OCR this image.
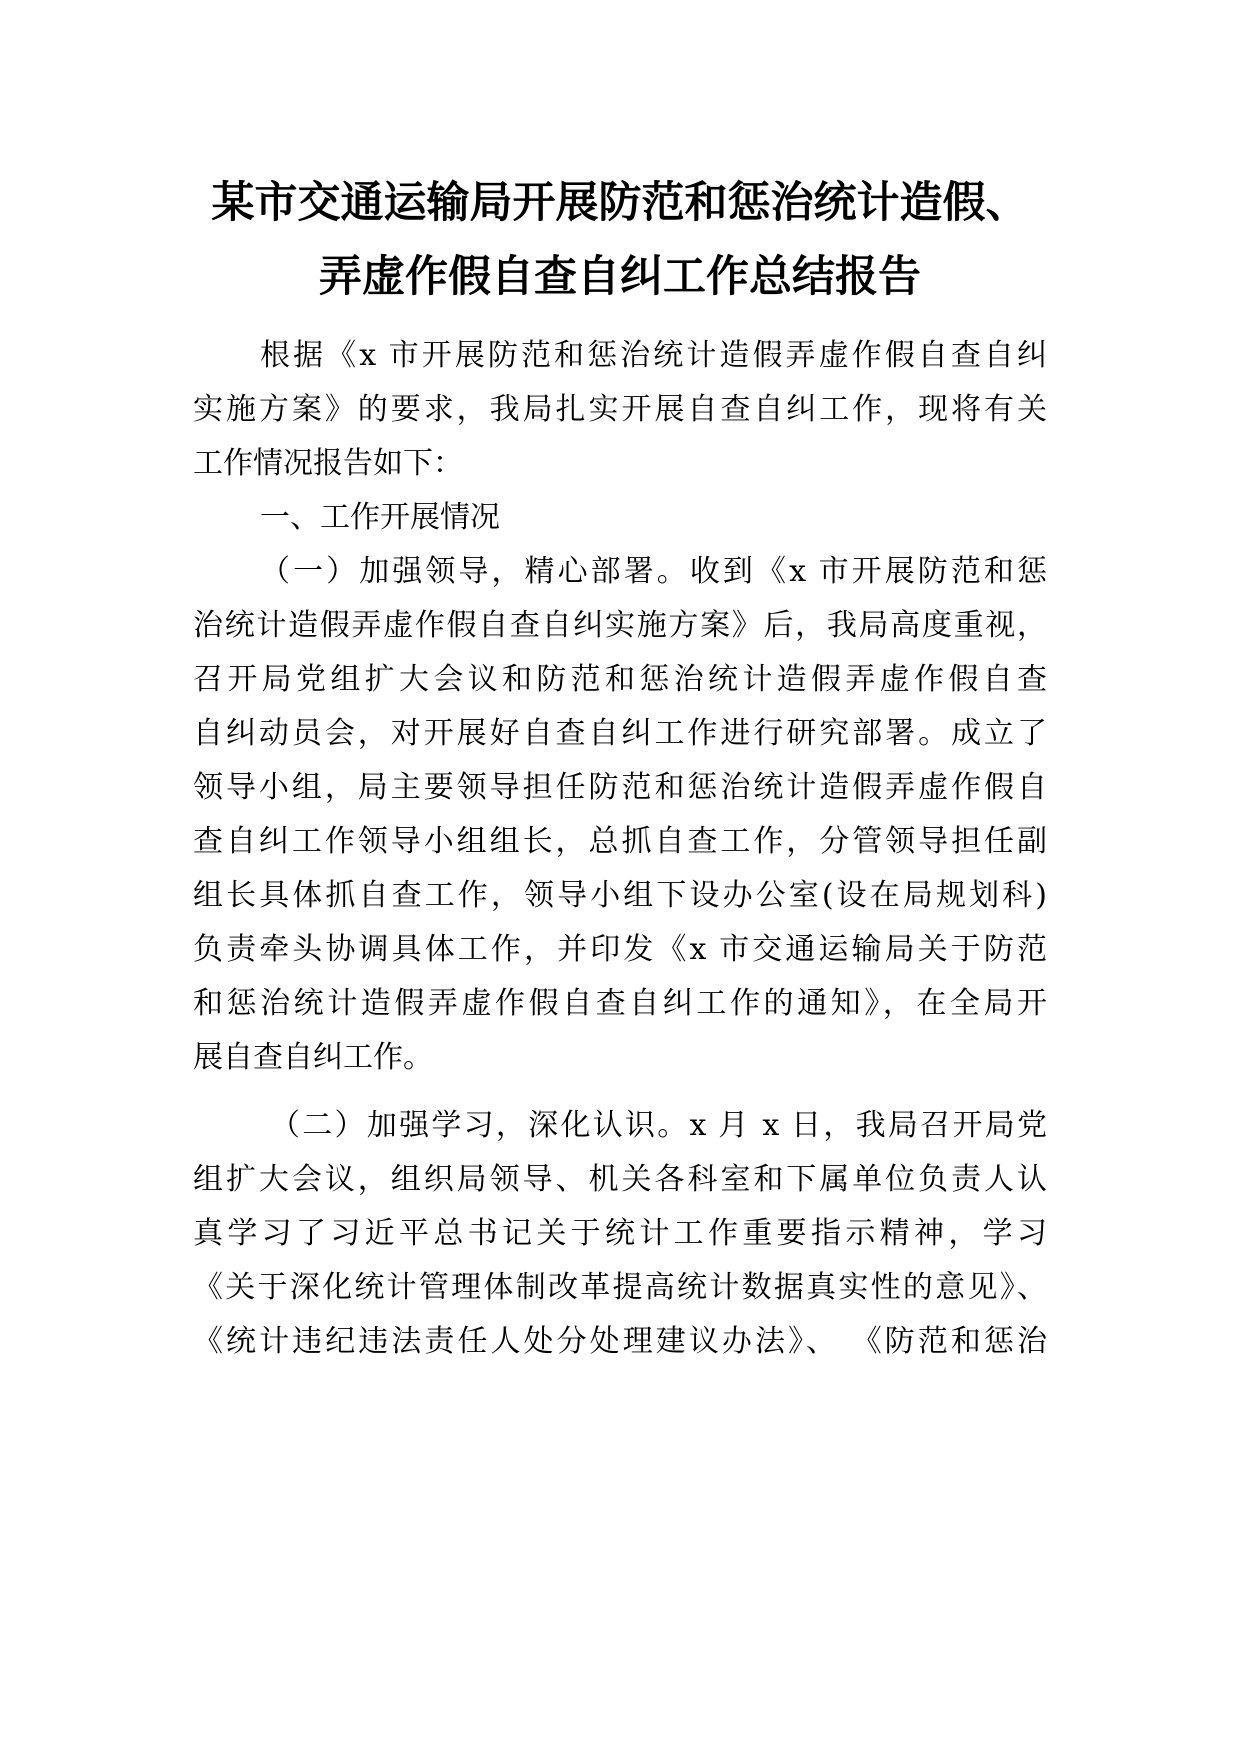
某市交通运输局开展防范和惩治统计造假、
弄虚作假自查自纠工作总结报告
根据《x 市开展防范和惩治统计造假弄虚作假自查自纠
实施方案》的要求，我局扎实开展自查自纠工作，现将有关
工作情况报告如下：
一、工作开展情况
（一）加强领导，精心部署。收到《x 市开展防范和惩
治统计造假弄虚作假自查自纠实施方案》后，我局高度重视，
召开局党组扩大会议和防范和惩治统计造假弄虚作假自查
自纠动员会，对开展好自查自纠工作进行研究部署。成立了
领导小组，局主要领导担任防范和惩治统计造假弄虚作假自
查自纠工作领导小组组长，总抓自查工作，分管领导担任副
组长具体抓自查工作，领导小组下设办公室(设在局规划科)
负责牵头协调具体工作，并印发《x 市交通运输局关于防范
和惩治统计造假弄虚作假自查自纠工作的通知》，在全局开
展自查自纠工作。
（二）加强学习，深化认识。x 月 x 日，我局召开局党
组扩大会议，组织局领导、机关各科室和下属单位负责人认
真学习了习近平总书记关于统计工作重要指示精神，学习
《关于深化统计管理体制改革提高统计数据真实性的意见》、
《统计违纪违法责任人处分处理建议办法》、 《防范和惩治
